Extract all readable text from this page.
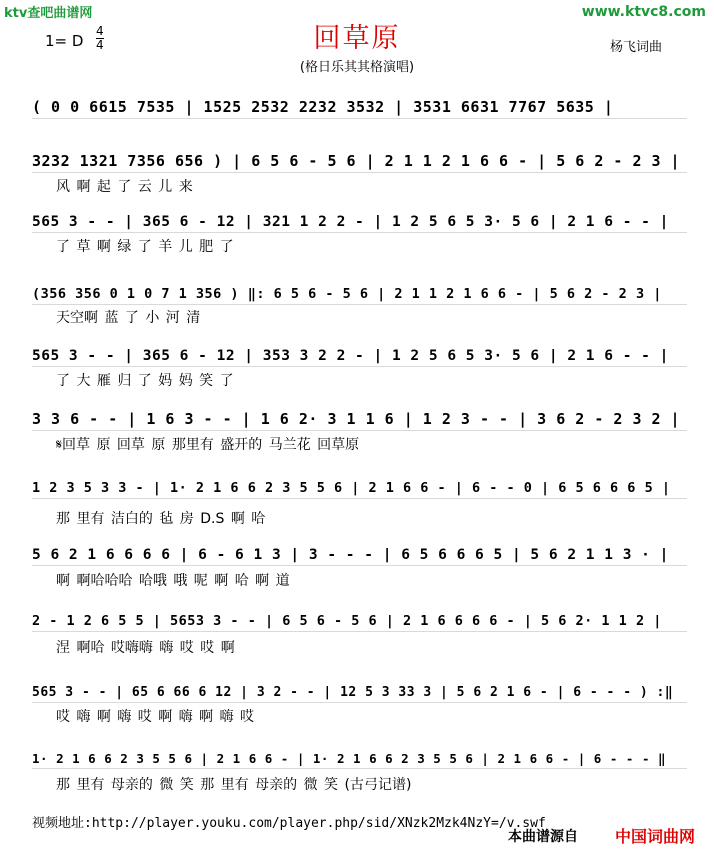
ktv查吧曲谱网	www.ktvc8.com
1= D
4
4	回草原
(格日乐其其格演唱)
杨飞词曲
( 0 0 6615 7535 | 1525 2532 2232 3532 | 3531 6631 7767 5635 |
3232 1321 7356 656 ) | 6 5 6 - 5 6 | 2 1 1 2 1 6 6 - | 5 6 2 - 2 3 |
风 啊 起 了 云 儿 来
565 3 - - | 365 6 - 12 | 321 1 2 2 - | 1 2 5 6 5 3· 5 6 | 2 1 6 - - |
了 草 啊 绿 了 羊 儿 肥 了
(356 356 0 1 0 7 1 356 ) ‖: 6 5 6 - 5 6 | 2 1 1 2 1 6 6 - | 5 6 2 - 2 3 |
天空啊 蓝 了 小 河 清
565 3 - - | 365 6 - 12 | 353 3 2 2 - | 1 2 5 6 5 3· 5 6 | 2 1 6 - - |
了 大 雁 归 了 妈 妈 笑 了
3 3 6 - - | 1 6 3 - - | 1 6 2· 3 1 1 6 | 1 2 3 - - | 3 6 2 - 2 3 2 |
𝄋回草 原 回草 原 那里有 盛开的 马兰花 回草原
1 2 3 5 3 3 - | 1· 2 1 6 6 2 3 5 5 6 | 2 1 6 6 - | 6 - - 0 | 6 5 6 6 6 5 |
那 里有 洁白的 毡 房 D.S 啊 哈
5 6 2 1 6 6 6 6 | 6 - 6 1 3 | 3 - - - | 6 5 6 6 6 5 | 5 6 2 1 1 3 · |
啊 啊哈哈哈 哈哦 哦 呢 啊 哈 啊 道
2 - 1 2 6 5 5 | 5653 3 - - | 6 5 6 - 5 6 | 2 1 6 6 6 6 - | 5 6 2· 1 1 2 |
涅 啊哈 哎嗨嗨 嗨 哎 哎 啊
565 3 - - | 65 6 66 6 12 | 3 2 - - | 12 5 3 33 3 | 5 6 2 1 6 - | 6 - - - ) :‖
哎 嗨 啊 嗨 哎 啊 嗨 啊 嗨 哎
1· 2 1 6 6 2 3 5 5 6 | 2 1 6 6 - | 1· 2 1 6 6 2 3 5 5 6 | 2 1 6 6 - | 6 - - - ‖
那 里有 母亲的 微 笑 那 里有 母亲的 微 笑 (古弓记谱)
视频地址:http://player.youku.com/player.php/sid/XNzk2Mzk4NzY=/v.swf
本曲谱源自 中国词曲网
